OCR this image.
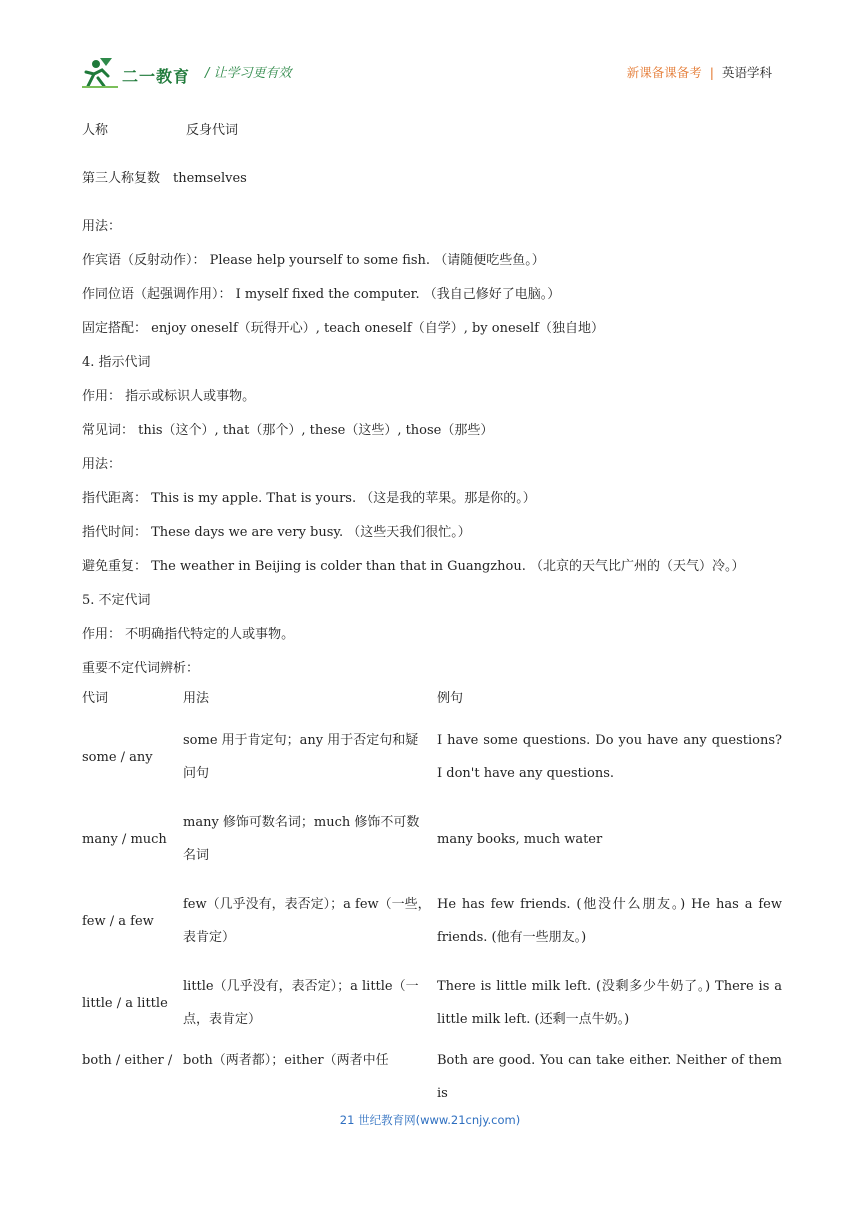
二一教育 / 让学习更有效	新课备课备考 | 英语学科
人称	反身代词
第三人称复数　themselves
用法：
作宾语（反射动作）： Please help yourself to some fish. （请随便吃些鱼。）
作同位语（起强调作用）： I myself fixed the computer. （我自己修好了电脑。）
固定搭配： enjoy oneself（玩得开心）, teach oneself（自学）, by oneself（独自地）
4. 指示代词
作用： 指示或标识人或事物。
常见词： this（这个）, that（那个）, these（这些）, those（那些）
用法：
指代距离： This is my apple. That is yours. （这是我的苹果。那是你的。）
指代时间： These days we are very busy. （这些天我们很忙。）
避免重复： The weather in Beijing is colder than that in Guangzhou. （北京的天气比广州的（天气）冷。）
5. 不定代词
作用： 不明确指代特定的人或事物。
重要不定代词辨析：
代词	用法	例句
some / any	some 用于肯定句；any 用于否定句和疑问句	I have some questions. Do you have any questions? I don't have any questions.
many / much	many 修饰可数名词；much 修饰不可数名词	many books, much water
few / a few	few（几乎没有，表否定）；a few（一些，表肯定）	He has few friends. (他没什么朋友。) He has a few friends. (他有一些朋友。)
little / a little	little（几乎没有，表否定）；a little（一点，表肯定）	There is little milk left. (没剩多少牛奶了。) There is a little milk left. (还剩一点牛奶。)
both / either /	both（两者都）；either（两者中任	Both are good. You can take either. Neither of them is
21 世纪教育网(www.21cnjy.com)
